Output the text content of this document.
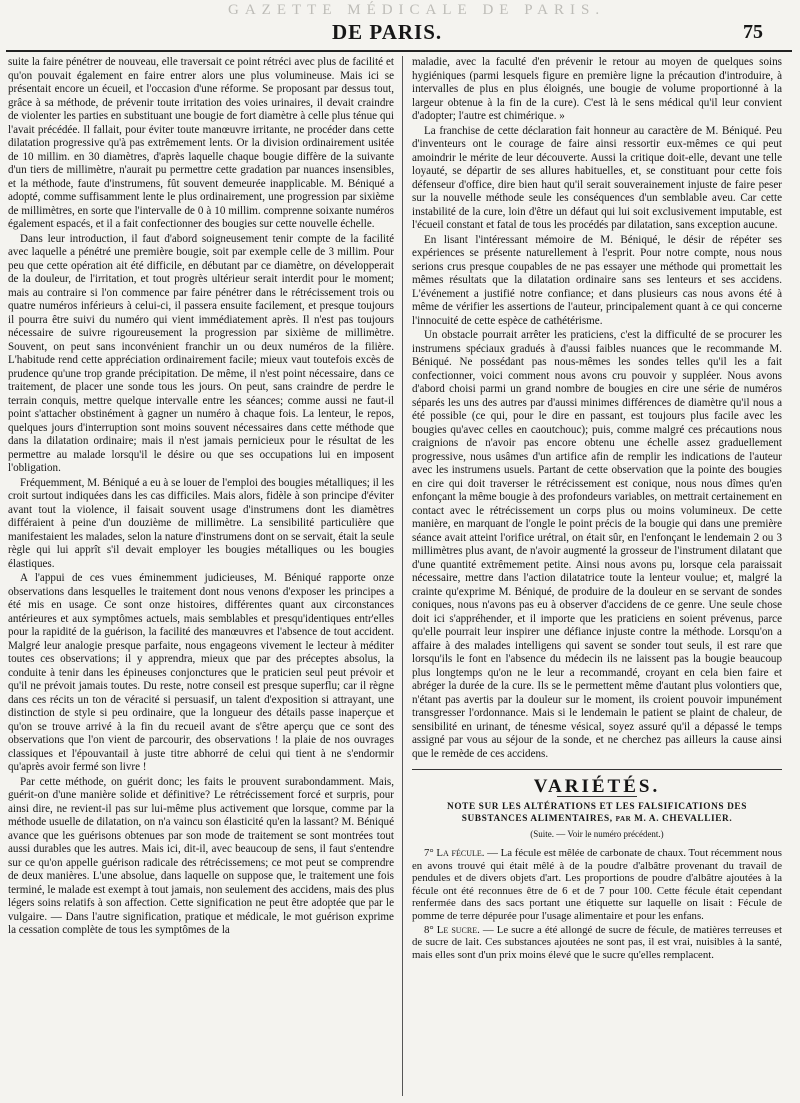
GAZETTE MÉDICALE DE PARIS.
DE PARIS.	75

suite la faire pénétrer de nouveau, elle traversait ce point rétréci avec plus de facilité et qu'on pouvait également en faire entrer alors une plus volumineuse. Mais ici se présentait encore un écueil, et l'occasion d'une réforme. Se proposant par dessus tout, grâce à sa méthode, de prévenir toute irritation des voies urinaires, il devait craindre de violenter les parties en substituant une bougie de fort diamètre à celle plus ténue qui l'avait précédée. Il fallait, pour éviter toute manœuvre irritante, ne procéder dans cette dilatation progressive qu'à pas extrêmement lents. Or la division ordinairement usitée de 10 millim. en 30 diamètres, d'après laquelle chaque bougie diffère de la suivante d'un tiers de millimètre, n'aurait pu permettre cette gradation par nuances insensibles, et la méthode, faute d'instrumens, fût souvent demeurée inapplicable. M. Béniqué a adopté, comme suffisamment lente le plus ordinairement, une progression par sixième de millimètres, en sorte que l'intervalle de 0 à 10 millim. comprenne soixante numéros également espacés, et il a fait confectionner des bougies sur cette nouvelle échelle.

Dans leur introduction, il faut d'abord soigneusement tenir compte de la facilité avec laquelle a pénétré une première bougie, soit par exemple celle de 3 millim. Pour peu que cette opération ait été difficile, en débutant par ce diamètre, on développerait de la douleur, de l'irritation, et tout progrès ultérieur serait interdit pour le moment; mais au contraire si l'on commence par faire pénétrer dans le rétrécissement trois ou quatre numéros inférieurs à celui-ci, il passera ensuite facilement, et presque toujours il pourra être suivi du numéro qui vient immédiatement après. Il n'est pas toujours nécessaire de suivre rigoureusement la progression par sixième de millimètre. Souvent, on peut sans inconvénient franchir un ou deux numéros de la filière. L'habitude rend cette appréciation ordinairement facile; mieux vaut toutefois excès de prudence qu'une trop grande précipitation. De même, il n'est point nécessaire, dans ce traitement, de placer une sonde tous les jours. On peut, sans craindre de perdre le terrain conquis, mettre quelque intervalle entre les séances; comme aussi ne faut-il point s'attacher obstinément à gagner un numéro à chaque fois. La lenteur, le repos, quelques jours d'interruption sont moins souvent nécessaires dans cette méthode que dans la dilatation ordinaire; mais il n'est jamais pernicieux pour le résultat de les permettre au malade lorsqu'il le désire ou que ses occupations lui en imposent l'obligation.

Fréquemment, M. Béniqué a eu à se louer de l'emploi des bougies métalliques; il les croit surtout indiquées dans les cas difficiles. Mais alors, fidèle à son principe d'éviter avant tout la violence, il faisait souvent usage d'instrumens dont les diamètres différaient à peine d'un douzième de millimètre. La sensibilité particulière que manifestaient les malades, selon la nature d'instrumens dont on se servait, était la seule règle qui lui apprît s'il devait employer les bougies métalliques ou les bougies élastiques.

A l'appui de ces vues éminemment judicieuses, M. Béniqué rapporte onze observations dans lesquelles le traitement dont nous venons d'exposer les principes a été mis en usage. Ce sont onze histoires, différentes quant aux circonstances antérieures et aux symptômes actuels, mais semblables et presqu'identiques entr'elles pour la rapidité de la guérison, la facilité des manœuvres et l'absence de tout accident. Malgré leur analogie presque parfaite, nous engageons vivement le lecteur à méditer toutes ces observations; il y apprendra, mieux que par des préceptes absolus, la conduite à tenir dans les épineuses conjonctures que le praticien seul peut prévoir et qu'il ne prévoit jamais toutes. Du reste, notre conseil est presque superflu; car il règne dans ces récits un ton de véracité si persuasif, un talent d'exposition si attrayant, une distinction de style si peu ordinaire, que la longueur des détails passe inaperçue et qu'on se trouve arrivé à la fin du recueil avant de s'être aperçu que ce sont des observations que l'on vient de parcourir, des observations ! la plaie de nos ouvrages classiques et l'épouvantail à juste titre abhorré de celui qui tient à ne s'endormir qu'après avoir fermé son livre !

Par cette méthode, on guérit donc; les faits le prouvent surabondamment. Mais, guérit-on d'une manière solide et définitive? Le rétrécissement forcé et surpris, pour ainsi dire, ne revient-il pas sur lui-même plus activement que lorsque, comme par la méthode usuelle de dilatation, on n'a vaincu son élasticité qu'en la lassant? M. Béniqué avance que les guérisons obtenues par son mode de traitement se sont montrées tout aussi durables que les autres. Mais ici, dit-il, avec beaucoup de sens, il faut s'entendre sur ce qu'on appelle guérison radicale des rétrécissemens; ce mot peut se comprendre de deux manières. L'une absolue, dans laquelle on suppose que, le traitement une fois terminé, le malade est exempt à tout jamais, non seulement des accidens, mais des plus légers soins relatifs à son affection. Cette signification ne peut être adoptée que par le vulgaire. — Dans l'autre signification, pratique et médicale, le mot guérison exprime la cessation complète de tous les symptômes de la

maladie, avec la faculté d'en prévenir le retour au moyen de quelques soins hygiéniques (parmi lesquels figure en première ligne la précaution d'introduire, à intervalles de plus en plus éloignés, une bougie de volume proportionné à la largeur obtenue à la fin de la cure). C'est là le sens médical qu'il leur convient d'adopter; l'autre est chimérique. »

La franchise de cette déclaration fait honneur au caractère de M. Béniqué. Peu d'inventeurs ont le courage de faire ainsi ressortir eux-mêmes ce qui peut amoindrir le mérite de leur découverte. Aussi la critique doit-elle, devant une telle loyauté, se départir de ses allures habituelles, et, se constituant pour cette fois défenseur d'office, dire bien haut qu'il serait souverainement injuste de faire peser sur la nouvelle méthode seule les conséquences d'un semblable aveu. Car cette instabilité de la cure, loin d'être un défaut qui lui soit exclusivement imputable, est l'écueil constant et fatal de tous les procédés par dilatation, sans exception aucune.

En lisant l'intéressant mémoire de M. Béniqué, le désir de répéter ses expériences se présente naturellement à l'esprit. Pour notre compte, nous nous serions crus presque coupables de ne pas essayer une méthode qui promettait les mêmes résultats que la dilatation ordinaire sans ses lenteurs et ses accidens. L'événement a justifié notre confiance; et dans plusieurs cas nous avons été à même de vérifier les assertions de l'auteur, principalement quant à ce qui concerne l'innocuité de cette espèce de cathétérisme.

Un obstacle pourrait arrêter les praticiens, c'est la difficulté de se procurer les instrumens spéciaux gradués à d'aussi faibles nuances que le recommande M. Béniqué. Ne possédant pas nous-mêmes les sondes telles qu'il les a fait confectionner, voici comment nous avons cru pouvoir y suppléer. Nous avons d'abord choisi parmi un grand nombre de bougies en cire une série de numéros séparés les uns des autres par d'aussi minimes différences de diamètre qu'il nous a été possible (ce qui, pour le dire en passant, est toujours plus facile avec les bougies qu'avec celles en caoutchouc); puis, comme malgré ces précautions nous craignions de n'avoir pas encore obtenu une échelle assez graduellement progressive, nous usâmes d'un artifice afin de remplir les indications de l'auteur avec les instrumens usuels. Partant de cette observation que la pointe des bougies en cire qui doit traverser le rétrécissement est conique, nous nous dîmes qu'en enfonçant la même bougie à des profondeurs variables, on mettrait certainement en contact avec le rétrécissement un corps plus ou moins volumineux. De cette manière, en marquant de l'ongle le point précis de la bougie qui dans une première séance avait atteint l'orifice urétral, on était sûr, en l'enfonçant le lendemain 2 ou 3 millimètres plus avant, de n'avoir augmenté la grosseur de l'instrument dilatant que d'une quantité extrêmement petite. Ainsi nous avons pu, lorsque cela paraissait nécessaire, mettre dans l'action dilatatrice toute la lenteur voulue; et, malgré la crainte qu'exprime M. Béniqué, de produire de la douleur en se servant de sondes coniques, nous n'avons pas eu à observer d'accidens de ce genre. Une seule chose doit ici s'appréhender, et il importe que les praticiens en soient prévenus, parce qu'elle pourrait leur inspirer une défiance injuste contre la méthode. Lorsqu'on a affaire à des malades intelligens qui savent se sonder tout seuls, il est rare que lorsqu'ils le font en l'absence du médecin ils ne laissent pas la bougie beaucoup plus longtemps qu'on ne le leur a recommandé, croyant en cela bien faire et abréger la durée de la cure. Ils se le permettent même d'autant plus volontiers que, n'étant pas avertis par la douleur sur le moment, ils croient pouvoir impunément transgresser l'ordonnance. Mais si le lendemain le patient se plaint de chaleur, de sensibilité en urinant, de ténesme vésical, soyez assuré qu'il a dépassé le temps assigné par vous au séjour de la sonde, et ne cherchez pas ailleurs la cause ainsi que le remède de ces accidens.

VARIÉTÉS.
NOTE SUR LES ALTÉRATIONS ET LES FALSIFICATIONS DES SUBSTANCES ALIMENTAIRES, par M. A. CHEVALLIER.
(Suite. — Voir le numéro précédent.)

7° La fécule. — La fécule est mêlée de carbonate de chaux. Tout récemment nous en avons trouvé qui était mêlé à de la poudre d'albâtre provenant du travail de pendules et de divers objets d'art. Les proportions de poudre d'albâtre ajoutées à la fécule ont été reconnues être de 6 et de 7 pour 100. Cette fécule était cependant renfermée dans des sacs portant une étiquette sur laquelle on lisait : Fécule de pomme de terre dépurée pour l'usage alimentaire et pour les enfans.

8° Le sucre. — Le sucre a été allongé de sucre de fécule, de matières terreuses et de sucre de lait. Ces substances ajoutées ne sont pas, il est vrai, nuisibles à la santé, mais elles sont d'un prix moins élevé que le sucre qu'elles remplacent.
